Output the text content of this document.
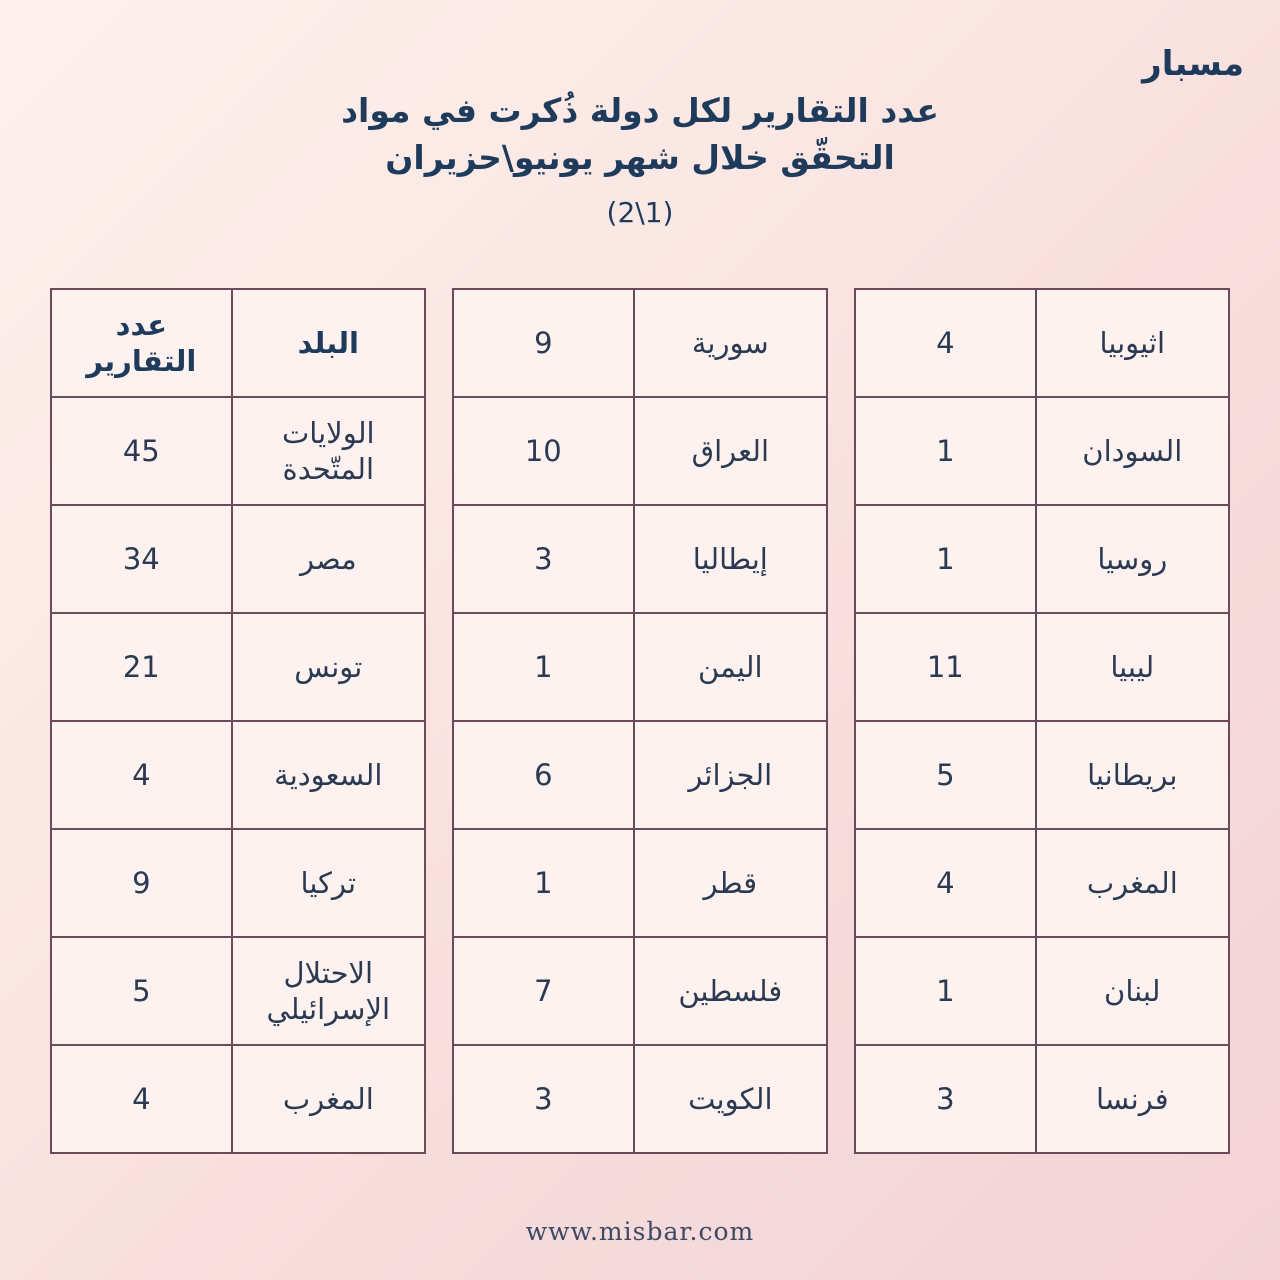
مسبار
عدد التقارير لكل دولة ذُكرت في مواد التحقّق خلال شهر يونيو\حزيران
(1\2)
اثيوبيا
4
السودان
1
روسيا
1
ليبيا
11
بريطانيا
5
المغرب
4
لبنان
1
فرنسا
3
سورية
9
العراق
10
إيطاليا
3
اليمن
1
الجزائر
6
قطر
1
فلسطين
7
الكويت
3
البلد
عدد التقارير
الولايات المتّحدة
45
مصر
34
تونس
21
السعودية
4
تركيا
9
الاحتلال الإسرائيلي
5
المغرب
4
www.misbar.com
